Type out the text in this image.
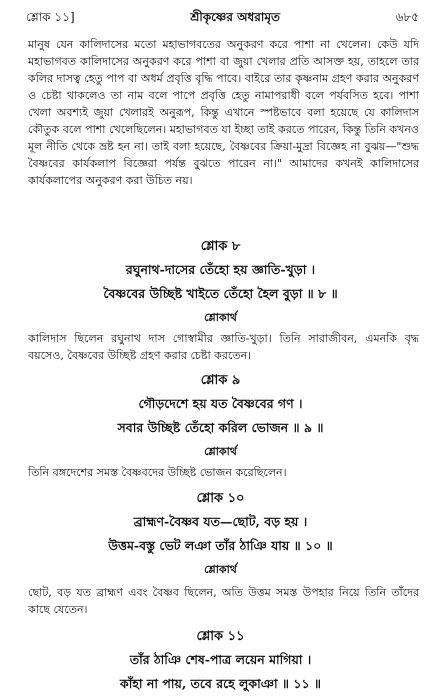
শ্লোক ১১]	শ্রীকৃষ্ণের অধরামৃত	৬৮৫
মানুষ যেন কালিদাসের মতো মহাভাগবতের অনুকরণ করে পাশা না খেলেন। কেউ যদি মহাভাগবত কালিদাসের অনুকরণ করে পাশা বা জুয়া খেলার প্রতি আসক্ত হয়, তাহলে তার কলির দাসত্ব হেতু পাপ বা অধর্ম প্রবৃত্তি বৃদ্ধি পাবে। বাইরে তার কৃষ্ণনাম গ্রহণ করার অনুকরণ ও চেষ্টা থাকলেও তা নাম বলে পাপে প্রবৃত্তি হেতু নামাপরাধী বলে পর্যবসিত হবে। পাশা খেলা অবশ্যই জুয়া খেলারই অনুরূপ, কিন্তু এখানে স্পষ্টভাবে বলা হয়েছে যে কালিদাস কৌতুক বলে পাশা খেলেছিলেন। মহাভাগবত যা ইচ্ছা তাই করতে পারেন, কিন্তু তিনি কখনও মূল নীতি থেকে ভ্রষ্ট হন না। তাই বলা হয়েছে, বৈষ্ণবের ক্রিয়া-মুদ্রা বিজ্ঞেহ না বুঝয়—"শুদ্ধ বৈষ্ণবের কার্যকলাপ বিজ্ঞেরা পর্যন্ত বুঝতে পারেন না।" আমাদের কখনই কালিদাসের কার্যকলাপের অনুকরণ করা উচিত নয়।
শ্লোক ৮
রঘুনাথ-দাসের তেঁহো হয় জ্ঞাতি-খুড়া ।
বৈষ্ণবের উচ্ছিষ্ট খাইতে তেঁহো হৈল বুড়া ॥ ৮ ॥
শ্লোকার্থ
কালিদাস ছিলেন রঘুনাথ দাস গোস্বামীর জ্ঞাতি-খুড়া। তিনি সারাজীবন, এমনকি বৃদ্ধ বয়সেও, বৈষ্ণবের উচ্ছিষ্ট গ্রহণ করার চেষ্টা করতেন।
শ্লোক ৯
গৌড়দেশে হয় যত বৈষ্ণবের গণ ।
সবার উচ্ছিষ্ট তেঁহো করিল ভোজন ॥ ৯ ॥
শ্লোকার্থ
তিনি বঙ্গদেশের সমস্ত বৈষ্ণবদের উচ্ছিষ্ট ভোজন করেছিলেন।
শ্লোক ১০
ব্রাহ্মণ-বৈষ্ণব যত—ছোট, বড় হয় ।
উত্তম-বস্তু ভেট লঞা তাঁর ঠাঞি যায় ॥ ১০ ॥
শ্লোকার্থ
ছোট, বড় যত ব্রাহ্মণ এবং বৈষ্ণব ছিলেন, অতি উত্তম সমস্ত উপহার নিয়ে তিনি তাঁদের কাছে যেতেন।
শ্লোক ১১
তাঁর ঠাঞি শেষ-পাত্র লয়েন মাগিয়া ।
কাঁহা না পায়, তবে রহে লুকাঞা ॥ ১১ ॥
